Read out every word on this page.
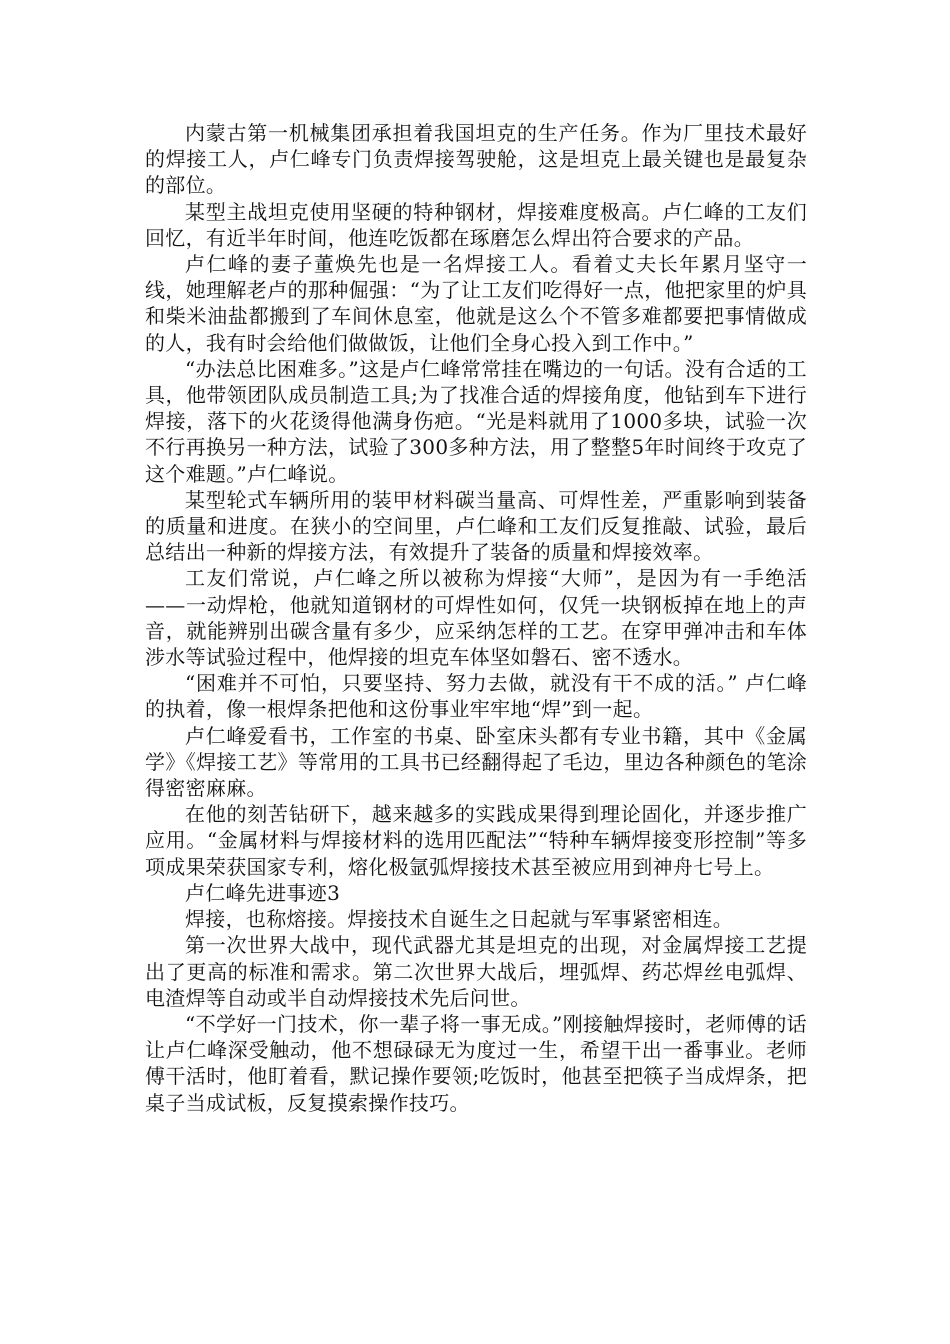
内蒙古第一机械集团承担着我国坦克的生产任务。作为厂里技术最好的焊接工人，卢仁峰专门负责焊接驾驶舱，这是坦克上最关键也是最复杂的部位。

某型主战坦克使用坚硬的特种钢材，焊接难度极高。卢仁峰的工友们回忆，有近半年时间，他连吃饭都在琢磨怎么焊出符合要求的产品。

卢仁峰的妻子董焕先也是一名焊接工人。看着丈夫长年累月坚守一线，她理解老卢的那种倔强：“为了让工友们吃得好一点，他把家里的炉具和柴米油盐都搬到了车间休息室，他就是这么个不管多难都要把事情做成的人，我有时会给他们做做饭，让他们全身心投入到工作中。”

“办法总比困难多。”这是卢仁峰常常挂在嘴边的一句话。没有合适的工具，他带领团队成员制造工具;为了找准合适的焊接角度，他钻到车下进行焊接，落下的火花烫得他满身伤疤。“光是料就用了1000多块，试验一次不行再换另一种方法，试验了300多种方法，用了整整5年时间终于攻克了这个难题。”卢仁峰说。

某型轮式车辆所用的装甲材料碳当量高、可焊性差，严重影响到装备的质量和进度。在狭小的空间里，卢仁峰和工友们反复推敲、试验，最后总结出一种新的焊接方法，有效提升了装备的质量和焊接效率。

工友们常说，卢仁峰之所以被称为焊接“大师”，是因为有一手绝活——一动焊枪，他就知道钢材的可焊性如何，仅凭一块钢板掉在地上的声音，就能辨别出碳含量有多少，应采纳怎样的工艺。在穿甲弹冲击和车体涉水等试验过程中，他焊接的坦克车体坚如磐石、密不透水。

“困难并不可怕，只要坚持、努力去做，就没有干不成的活。” 卢仁峰的执着，像一根焊条把他和这份事业牢牢地“焊”到一起。

卢仁峰爱看书，工作室的书桌、卧室床头都有专业书籍，其中《金属学》《焊接工艺》等常用的工具书已经翻得起了毛边，里边各种颜色的笔涂得密密麻麻。

在他的刻苦钻研下，越来越多的实践成果得到理论固化，并逐步推广应用。“金属材料与焊接材料的选用匹配法”“特种车辆焊接变形控制”等多项成果荣获国家专利，熔化极氩弧焊接技术甚至被应用到神舟七号上。

卢仁峰先进事迹3

焊接，也称熔接。焊接技术自诞生之日起就与军事紧密相连。

第一次世界大战中，现代武器尤其是坦克的出现，对金属焊接工艺提出了更高的标准和需求。第二次世界大战后，埋弧焊、药芯焊丝电弧焊、电渣焊等自动或半自动焊接技术先后问世。

“不学好一门技术，你一辈子将一事无成。”刚接触焊接时，老师傅的话让卢仁峰深受触动，他不想碌碌无为度过一生，希望干出一番事业。老师傅干活时，他盯着看，默记操作要领;吃饭时，他甚至把筷子当成焊条，把桌子当成试板，反复摸索操作技巧。
